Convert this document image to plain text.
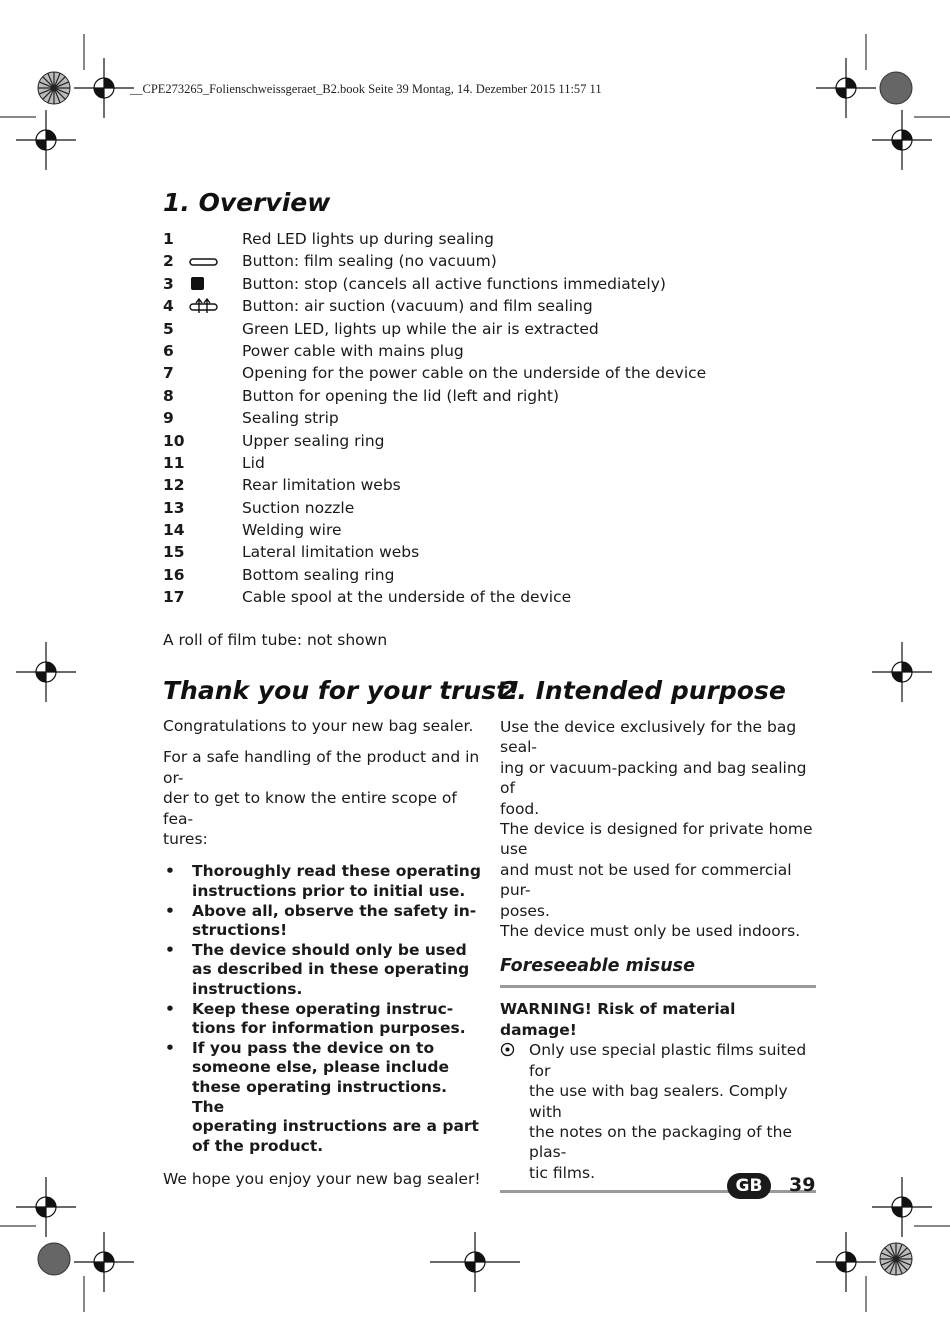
__CPE273265_Folienschweissgeraet_B2.book Seite 39 Montag, 14. Dezember 2015 11:57 11
1. Overview
1	Red LED lights up during sealing
2	Button: film sealing (no vacuum)
3	Button: stop (cancels all active functions immediately)
4	Button: air suction (vacuum) and film sealing
5	Green LED, lights up while the air is extracted
6	Power cable with mains plug
7	Opening for the power cable on the underside of the device
8	Button for opening the lid (left and right)
9	Sealing strip
10	Upper sealing ring
11	Lid
12	Rear limitation webs
13	Suction nozzle
14	Welding wire
15	Lateral limitation webs
16	Bottom sealing ring
17	Cable spool at the underside of the device

A roll of film tube: not shown

Thank you for your trust!

Congratulations to your new bag sealer.

For a safe handling of the product and in or-
der to get to know the entire scope of fea-
tures:

• Thoroughly read these operating
instructions prior to initial use.
• Above all, observe the safety in-
structions!
• The device should only be used
as described in these operating
instructions.
• Keep these operating instruc-
tions for information purposes.
• If you pass the device on to
someone else, please include
these operating instructions. The
operating instructions are a part
of the product.

We hope you enjoy your new bag sealer!

2. Intended purpose

Use the device exclusively for the bag seal-
ing or vacuum-packing and bag sealing of
food.
The device is designed for private home use
and must not be used for commercial pur-
poses.
The device must only be used indoors.

Foreseeable misuse

WARNING! Risk of material
damage!

Only use special plastic films suited for
the use with bag sealers. Comply with
the notes on the packaging of the plas-
tic films.
GB	39
